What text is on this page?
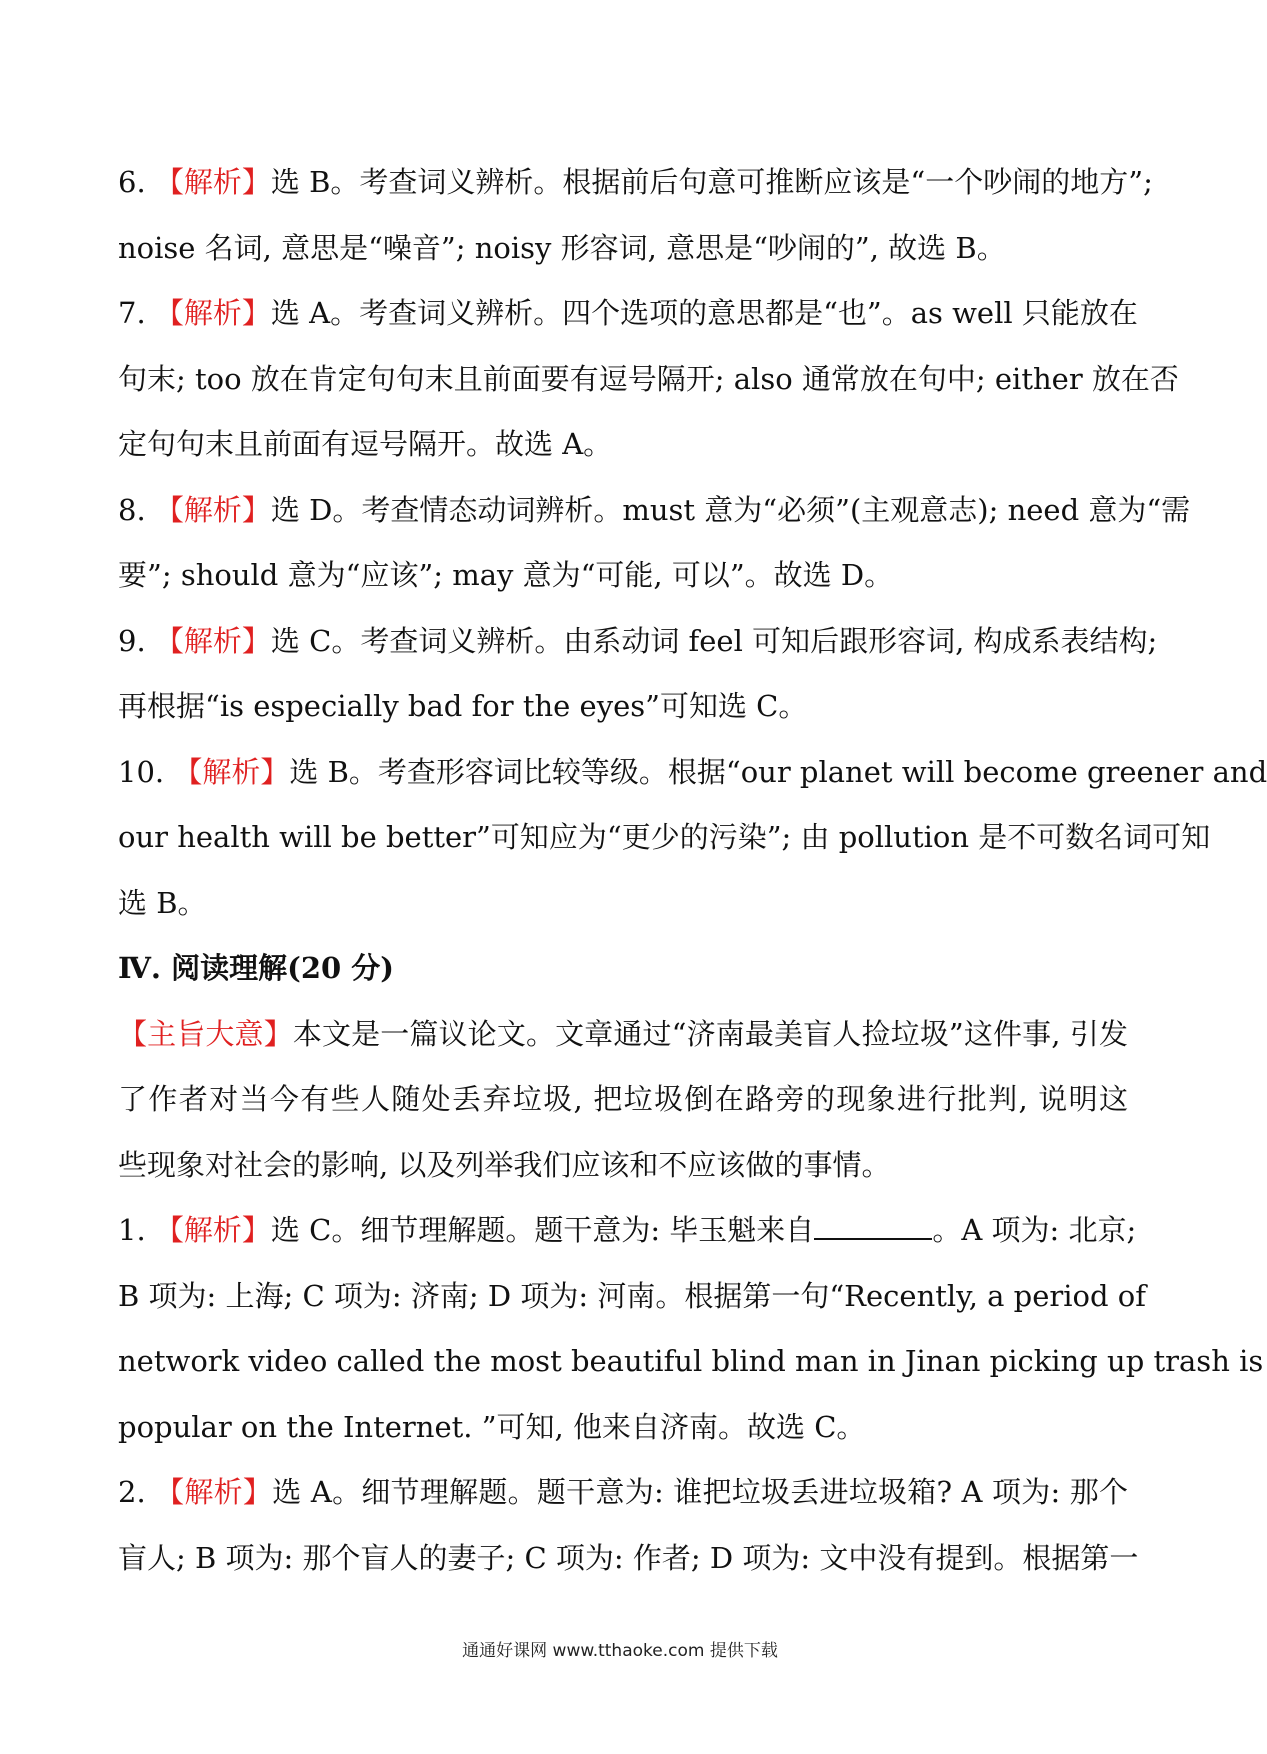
6. 【解析】选 B。考查词义辨析。根据前后句意可推断应该是“一个吵闹的地方”;
noise 名词, 意思是“噪音”; noisy 形容词, 意思是“吵闹的”, 故选 B。
7. 【解析】选 A。考查词义辨析。四个选项的意思都是“也”。as well 只能放在
句末; too 放在肯定句句末且前面要有逗号隔开; also 通常放在句中; either 放在否
定句句末且前面有逗号隔开。故选 A。
8. 【解析】选 D。考查情态动词辨析。must 意为“必须”(主观意志); need 意为“需
要”; should 意为“应该”; may 意为“可能, 可以”。故选 D。
9. 【解析】选 C。考查词义辨析。由系动词 feel 可知后跟形容词, 构成系表结构;
再根据“is especially bad for the eyes”可知选 C。
10. 【解析】选 B。考查形容词比较等级。根据“our planet will become greener and
our health will be better”可知应为“更少的污染”; 由 pollution 是不可数名词可知
选 B。
Ⅳ. 阅读理解(20 分)
【主旨大意】本文是一篇议论文。文章通过“济南最美盲人捡垃圾”这件事, 引发
了作者对当今有些人随处丢弃垃圾, 把垃圾倒在路旁的现象进行批判, 说明这
些现象对社会的影响, 以及列举我们应该和不应该做的事情。
1. 【解析】选 C。细节理解题。题干意为: 毕玉魁来自	。A 项为: 北京;
B 项为: 上海; C 项为: 济南; D 项为: 河南。根据第一句“Recently, a period of
network video called the most beautiful blind man in Jinan picking up trash is
popular on the Internet. ”可知, 他来自济南。故选 C。
2. 【解析】选 A。细节理解题。题干意为: 谁把垃圾丢进垃圾箱? A 项为: 那个
盲人; B 项为: 那个盲人的妻子; C 项为: 作者; D 项为: 文中没有提到。根据第一
通通好课网 www.tthaoke.com 提供下载
